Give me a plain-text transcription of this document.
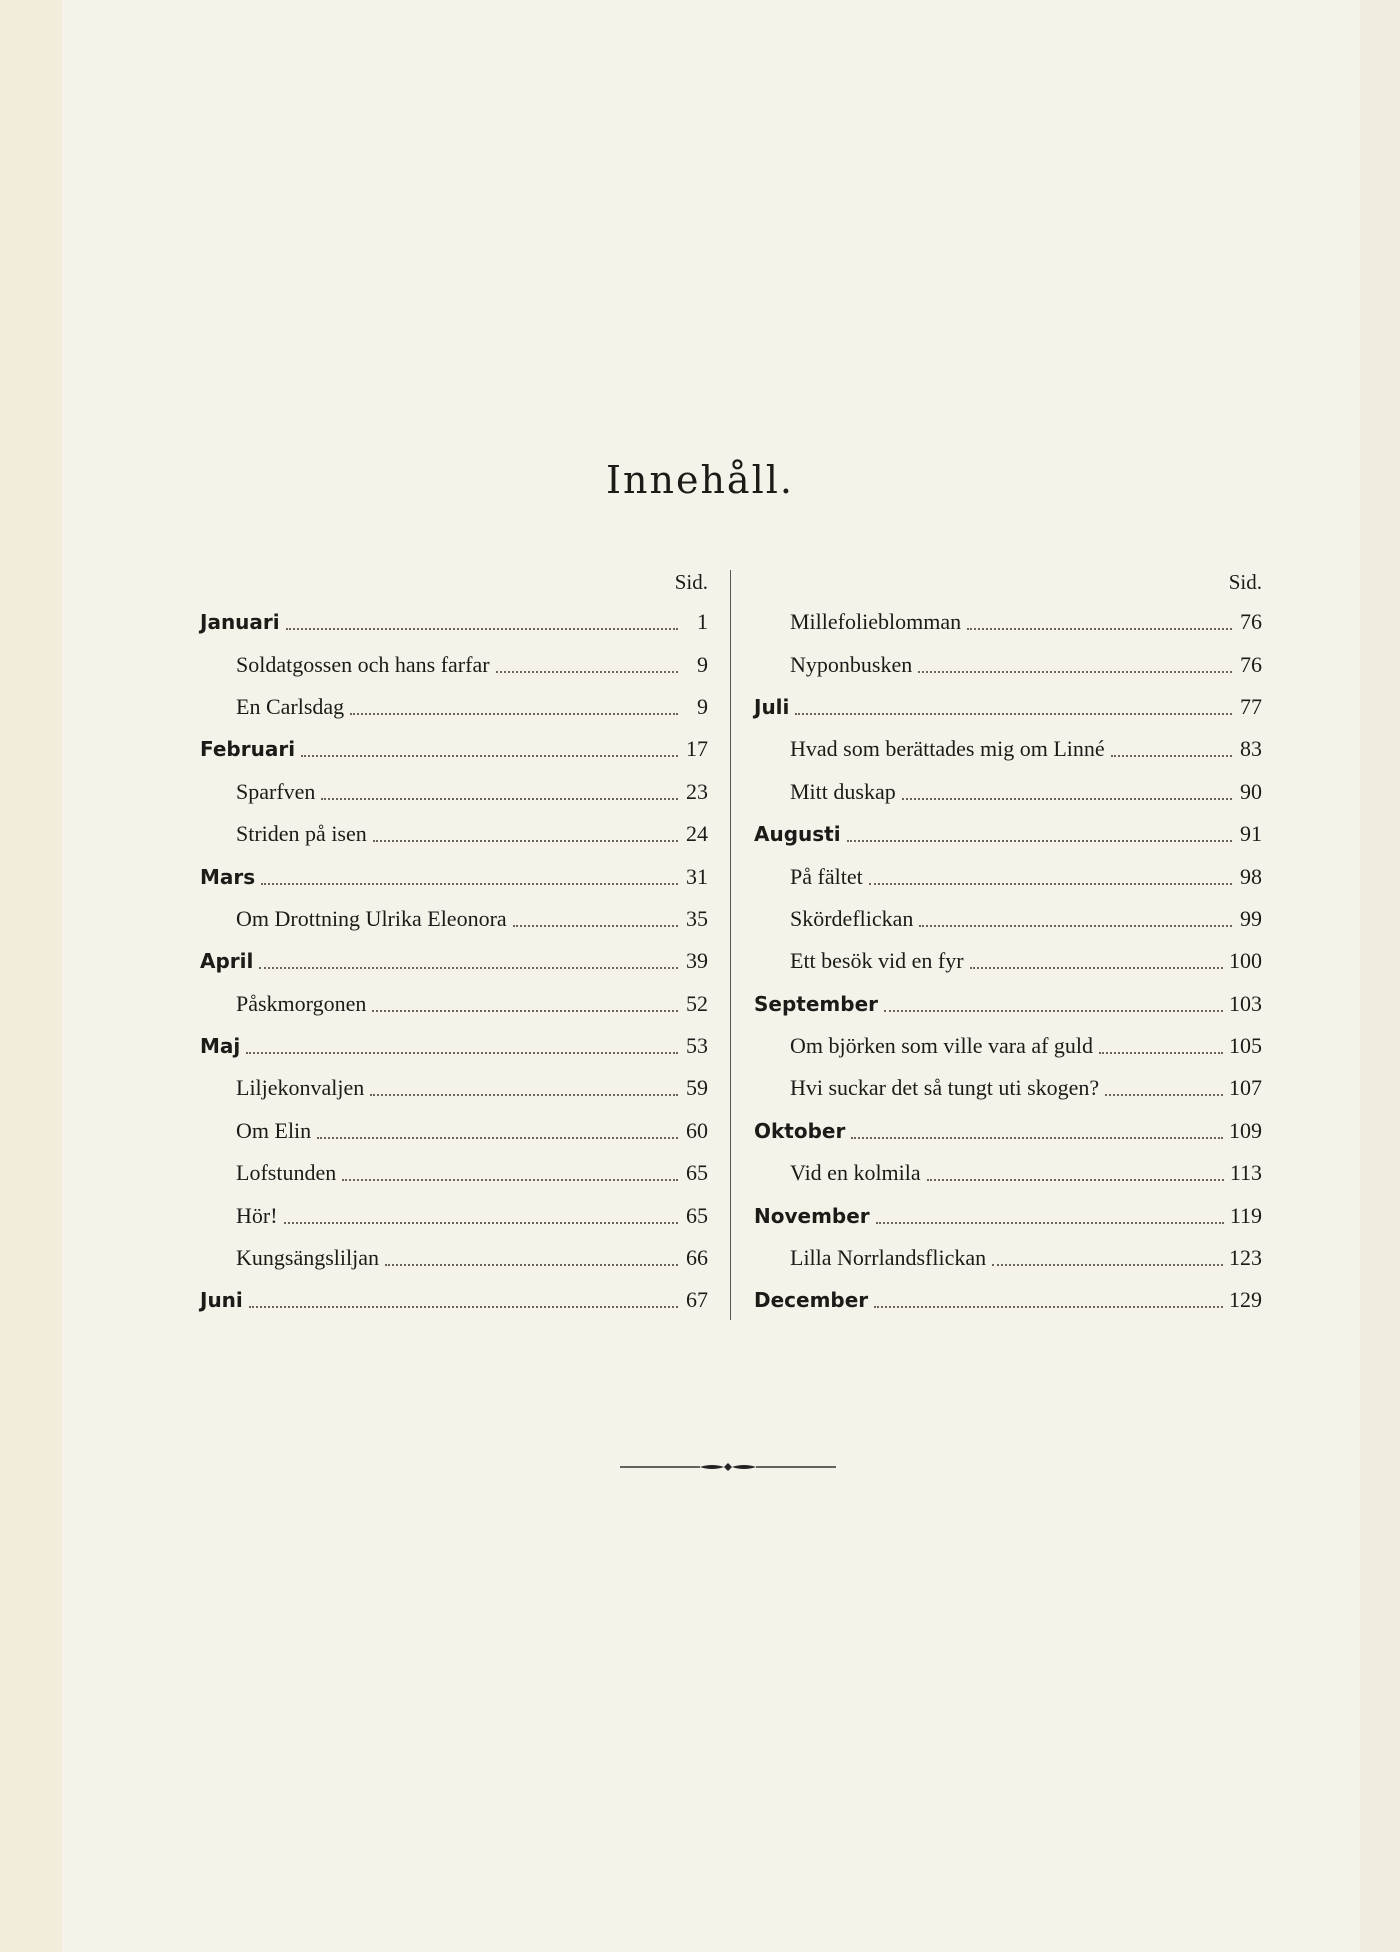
Innehåll.
Sid.
Januari	1
Soldatgossen och hans farfar	9
En Carlsdag	9
Februari	17
Sparfven	23
Striden på isen	24
Mars	31
Om Drottning Ulrika Eleonora	35
April	39
Påskmorgonen	52
Maj	53
Liljekonvaljen	59
Om Elin	60
Lofstunden	65
Hör!	65
Kungsängsliljan	66
Juni	67
Sid.
Millefolieblomman	76
Nyponbusken	76
Juli	77
Hvad som berättades mig om Linné	83
Mitt duskap	90
Augusti	91
På fältet	98
Skördeflickan	99
Ett besök vid en fyr	100
September	103
Om björken som ville vara af guld	105
Hvi suckar det så tungt uti skogen?	107
Oktober	109
Vid en kolmila	113
November	119
Lilla Norrlandsflickan	123
December	129
